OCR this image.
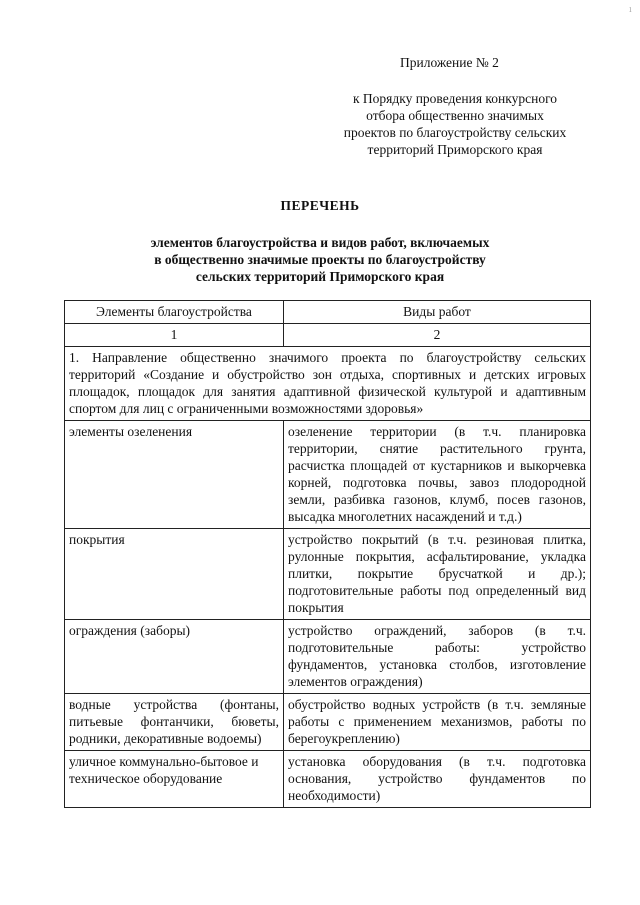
1
Приложение № 2
к Порядку проведения конкурсного
отбора общественно значимых
проектов по благоустройству сельских
территорий Приморского края
ПЕРЕЧЕНЬ
элементов благоустройства и видов работ, включаемых
в общественно значимые проекты по благоустройству
сельских территорий Приморского края
Элементы благоустройства	Виды работ
1	2
1. Направление общественно значимого проекта по благоустройству сельских территорий «Создание и обустройство зон отдыха, спортивных и детских игровых площадок, площадок для занятия адаптивной физической культурой и адаптивным спортом для лиц с ограниченными возможностями здоровья»	
элементы озеленения	озеленение территории (в т.ч. планировка территории, снятие растительного грунта, расчистка площадей от кустарников и выкорчевка корней, подготовка почвы, завоз плодородной земли, разбивка газонов, клумб, посев газонов, высадка многолетних насаждений и т.д.)
покрытия	устройство покрытий (в т.ч. резиновая плитка, рулонные покрытия, асфальтирование, укладка плитки, покрытие брусчаткой и др.); подготовительные работы под определенный вид покрытия
ограждения (заборы)	устройство ограждений, заборов (в т.ч. подготовительные работы: устройство фундаментов, установка столбов, изготовление элементов ограждения)
водные устройства (фонтаны, питьевые фонтанчики, бюветы, родники, декоративные водоемы)	обустройство водных устройств (в т.ч. земляные работы с применением механизмов, работы по берегоукреплению)
уличное коммунально-бытовое и техническое оборудование	установка оборудования (в т.ч. подготовка основания, устройство фундаментов по необходимости)
